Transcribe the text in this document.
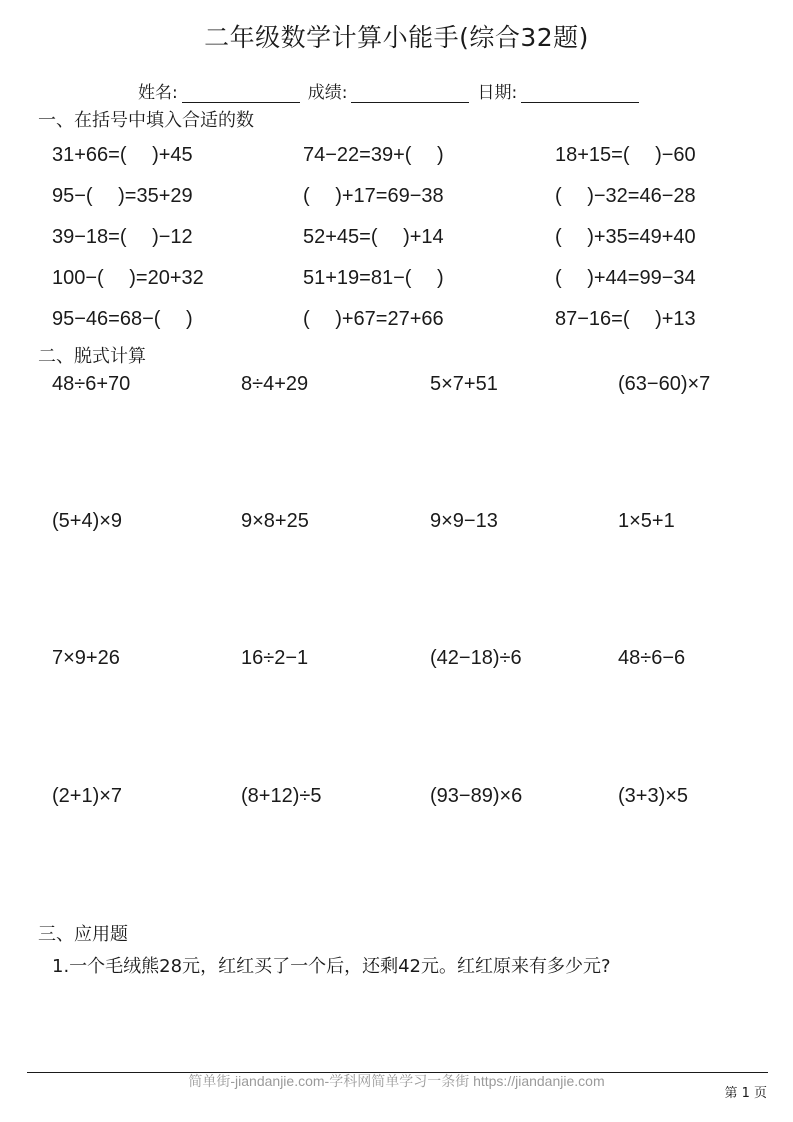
二年级数学计算小能手(综合32题)
姓名:	成绩:	日期:
一、在括号中填入合适的数
31+66=(　 )+45	74−22=39+(　 )	18+15=(　 )−60
95−(　 )=35+29	(　 )+17=69−38	(　 )−32=46−28
39−18=(　 )−12	52+45=(　 )+14	(　 )+35=49+40
100−(　 )=20+32	51+19=81−(　 )	(　 )+44=99−34
95−46=68−(　 )	(　 )+67=27+66	87−16=(　 )+13
二、脱式计算
48÷6+70	8÷4+29	5×7+51	(63−60)×7
(5+4)×9	9×8+25	9×9−13	1×5+1
7×9+26	16÷2−1	(42−18)÷6	48÷6−6
(2+1)×7	(8+12)÷5	(93−89)×6	(3+3)×5
三、应用题
1.一个毛绒熊28元，红红买了一个后，还剩42元。红红原来有多少元?
简单街-jiandanjie.com-学科网简单学习一条街 https://jiandanjie.com
第 1 页
